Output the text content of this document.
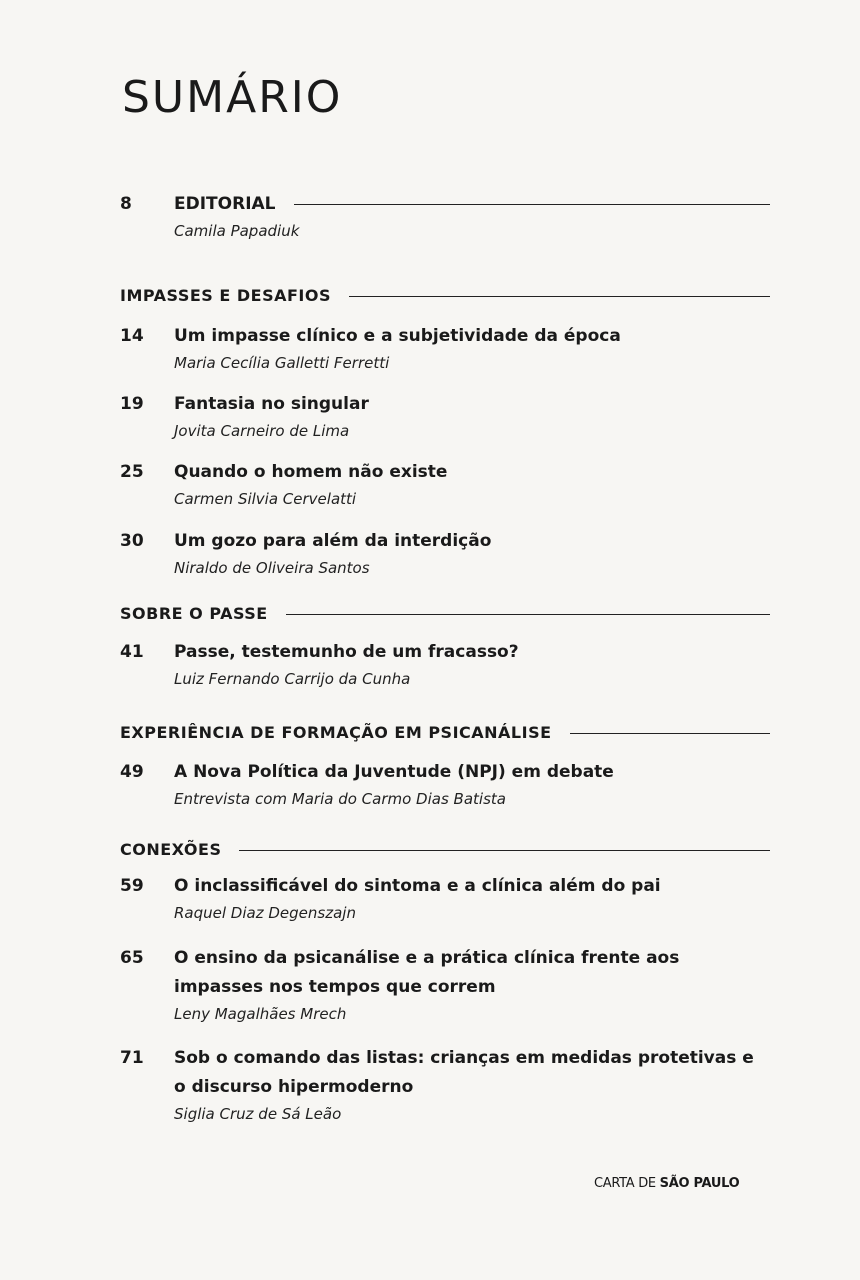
SUMÁRIO
8	EDITORIAL
Camila Papadiuk
IMPASSES E DESAFIOS
14	Um impasse clínico e a subjetividade da época
Maria Cecília Galletti Ferretti
19	Fantasia no singular
Jovita Carneiro de Lima
25	Quando o homem não existe
Carmen Silvia Cervelatti
30	Um gozo para além da interdição
Niraldo de Oliveira Santos
SOBRE O PASSE
41	Passe, testemunho de um fracasso?
Luiz Fernando Carrijo da Cunha
EXPERIÊNCIA DE FORMAÇÃO EM PSICANÁLISE
49	A Nova Política da Juventude (NPJ) em debate
Entrevista com Maria do Carmo Dias Batista
CONEXÕES
59	O inclassificável do sintoma e a clínica além do pai
Raquel Diaz Degenszajn
65	O ensino da psicanálise e a prática clínica frente aos
impasses nos tempos que correm
Leny Magalhães Mrech
71	Sob o comando das listas: crianças em medidas protetivas e
o discurso hipermoderno
Siglia Cruz de Sá Leão
CARTA DE SÃO PAULO
